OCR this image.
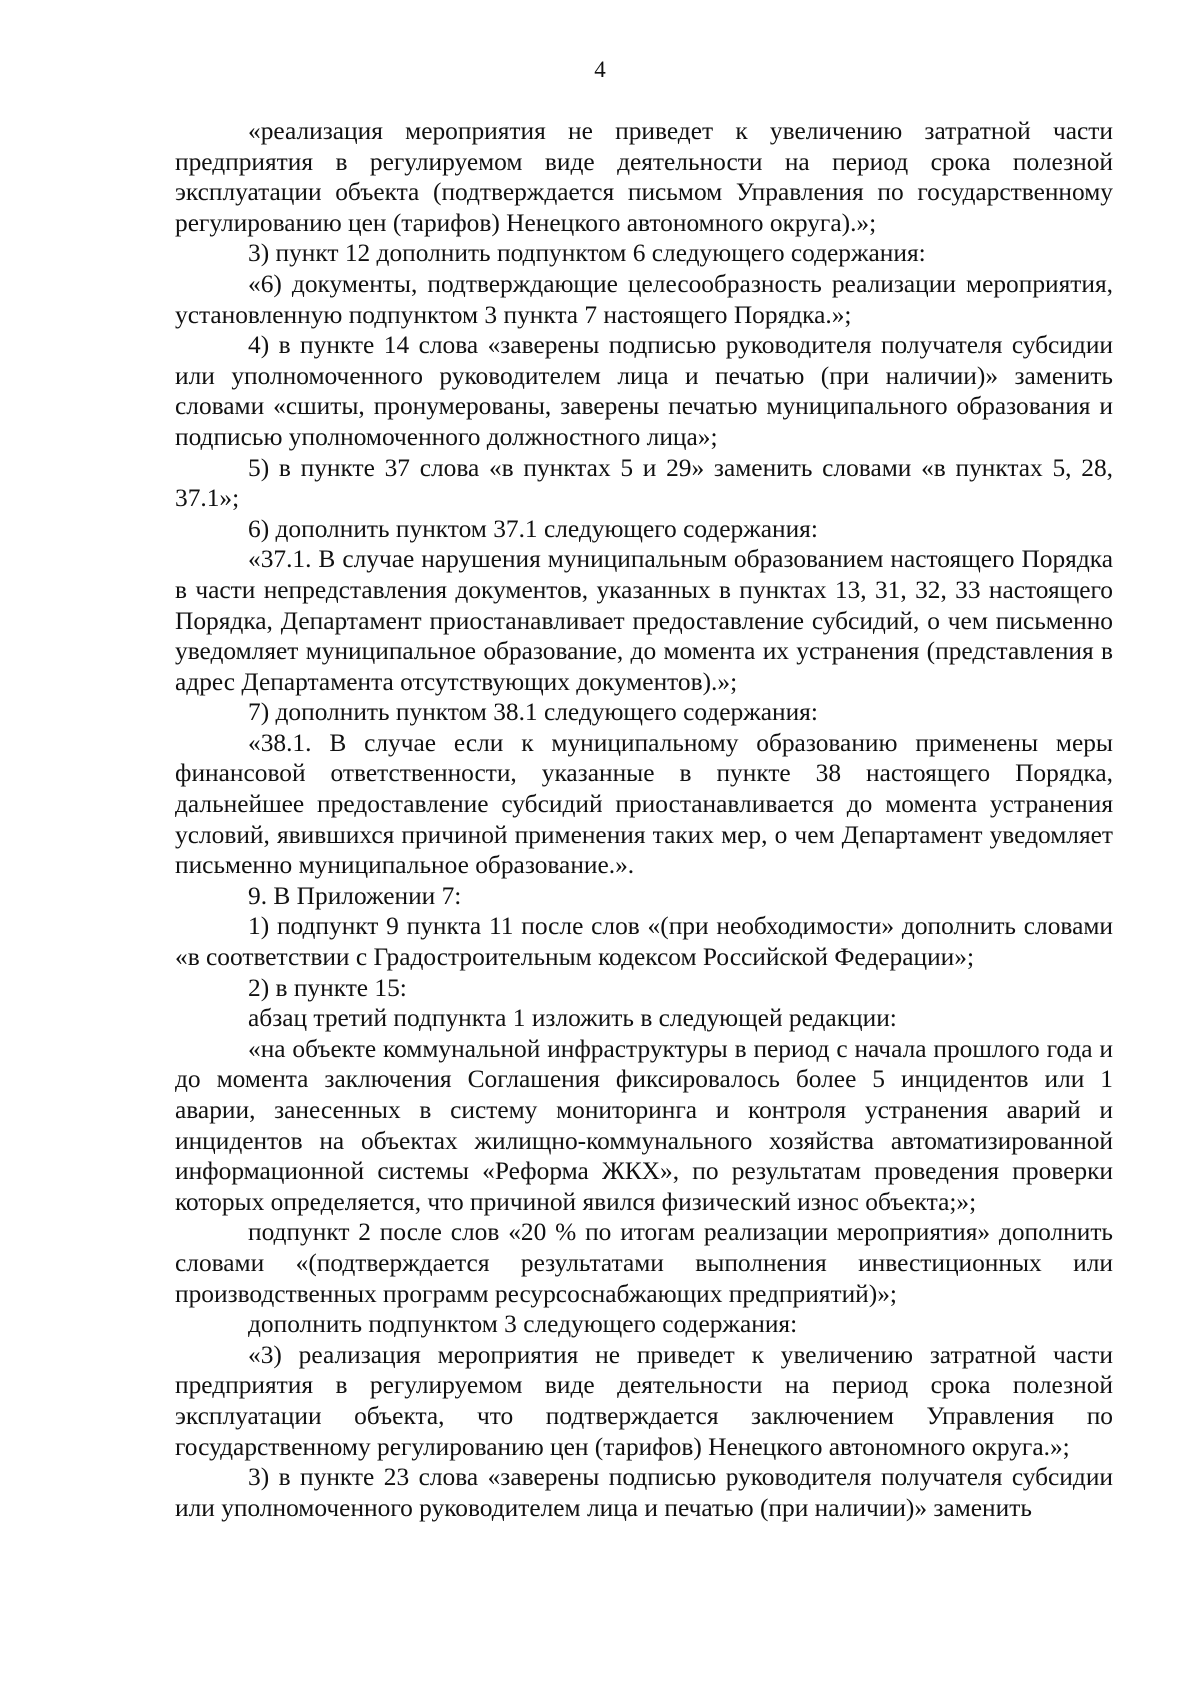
4

«реализация мероприятия не приведет к увеличению затратной части предприятия в регулируемом виде деятельности на период срока полезной эксплуатации объекта (подтверждается письмом Управления по государственному регулированию цен (тарифов) Ненецкого автономного округа).»;

3) пункт 12 дополнить подпунктом 6 следующего содержания:

«6) документы, подтверждающие целесообразность реализации мероприятия, установленную подпунктом 3 пункта 7 настоящего Порядка.»;

4) в пункте 14 слова «заверены подписью руководителя получателя субсидии или уполномоченного руководителем лица и печатью (при наличии)» заменить словами «сшиты, пронумерованы, заверены печатью муниципального образования и подписью уполномоченного должностного лица»;

5) в пункте 37 слова «в пунктах 5 и 29» заменить словами «в пунктах 5, 28, 37.1»;

6) дополнить пунктом 37.1 следующего содержания:

«37.1. В случае нарушения муниципальным образованием настоящего Порядка в части непредставления документов, указанных в пунктах 13, 31, 32, 33 настоящего Порядка, Департамент приостанавливает предоставление субсидий, о чем письменно уведомляет муниципальное образование, до момента их устранения (представления в адрес Департамента отсутствующих документов).»;

7) дополнить пунктом 38.1 следующего содержания:

«38.1. В случае если к муниципальному образованию применены меры финансовой ответственности, указанные в пункте 38 настоящего Порядка, дальнейшее предоставление субсидий приостанавливается до момента устранения условий, явившихся причиной применения таких мер, о чем Департамент уведомляет письменно муниципальное образование.».

9. В Приложении 7:

1) подпункт 9 пункта 11 после слов «(при необходимости» дополнить словами «в соответствии с Градостроительным кодексом Российской Федерации»;

2) в пункте 15:

абзац третий подпункта 1 изложить в следующей редакции:

«на объекте коммунальной инфраструктуры в период с начала прошлого года и до момента заключения Соглашения фиксировалось более 5 инцидентов или 1 аварии, занесенных в систему мониторинга и контроля устранения аварий и инцидентов на объектах жилищно-коммунального хозяйства автоматизированной информационной системы «Реформа ЖКХ», по результатам проведения проверки которых определяется, что причиной явился физический износ объекта;»;

подпункт 2 после слов «20 % по итогам реализации мероприятия» дополнить словами «(подтверждается результатами выполнения инвестиционных или производственных программ ресурсоснабжающих предприятий)»;

дополнить подпунктом 3 следующего содержания:

«3) реализация мероприятия не приведет к увеличению затратной части предприятия в регулируемом виде деятельности на период срока полезной эксплуатации объекта, что подтверждается заключением Управления по государственному регулированию цен (тарифов) Ненецкого автономного округа.»;

3) в пункте 23 слова «заверены подписью руководителя получателя субсидии или уполномоченного руководителем лица и печатью (при наличии)» заменить
